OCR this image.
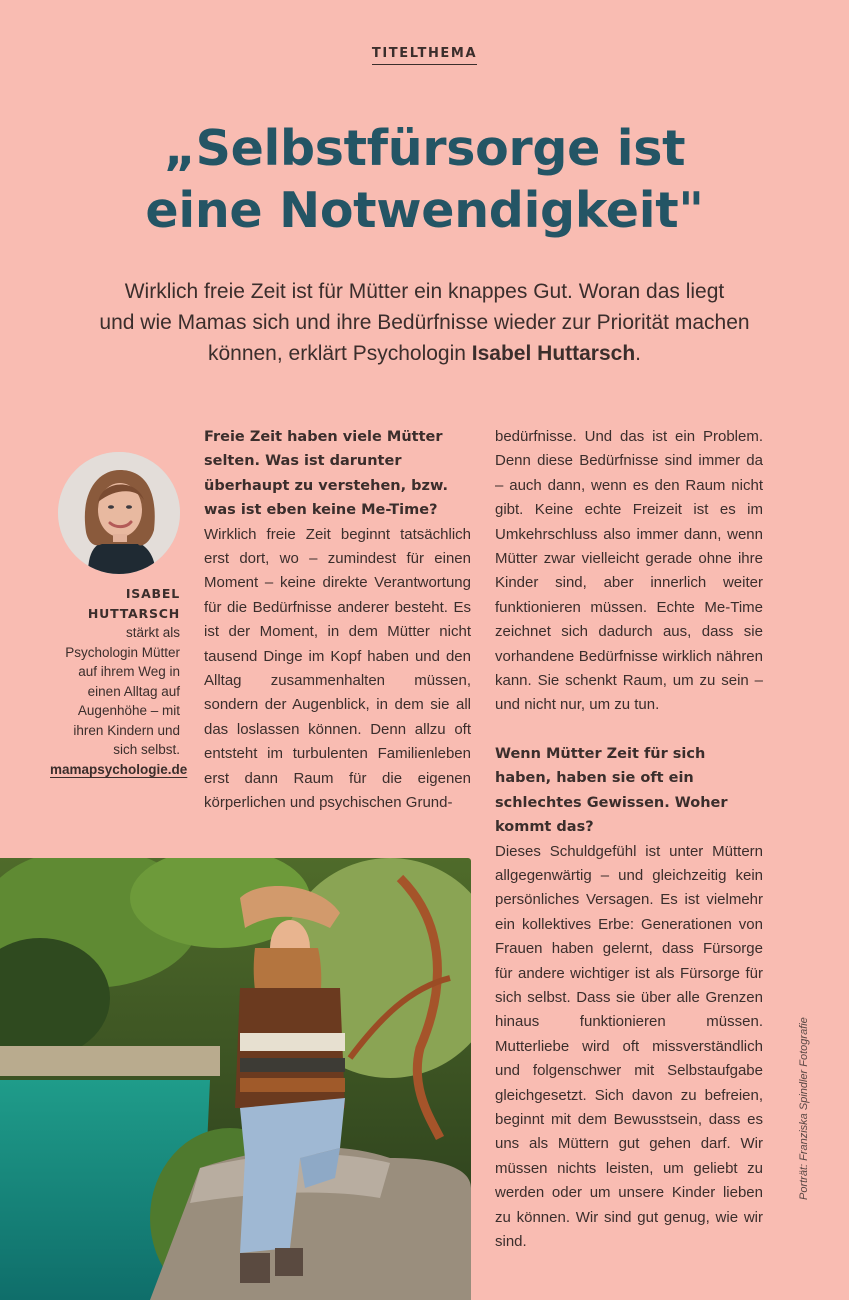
TITELTHEMA
„Selbstfürsorge ist
eine Notwendigkeit"
Wirklich freie Zeit ist für Mütter ein knappes Gut. Woran das liegt
und wie Mamas sich und ihre Bedürfnisse wieder zur Priorität machen
können, erklärt Psychologin Isabel Huttarsch.
ISABEL
HUTTARSCH
stärkt als Psychologin Mütter auf ihrem Weg in einen Alltag auf Augenhöhe – mit ihren Kindern und sich selbst. mamapsychologie.de

Freie Zeit haben viele Mütter selten. Was ist darunter überhaupt zu verstehen, bzw. was ist eben keine Me-Time?

Wirklich freie Zeit beginnt tatsächlich erst dort, wo – zumindest für einen Moment – keine direkte Verantwortung für die Bedürfnisse anderer besteht. Es ist der Moment, in dem Mütter nicht tausend Dinge im Kopf haben und den Alltag zusammenhalten müssen, sondern der Augenblick, in dem sie all das loslassen können. Denn allzu oft entsteht im turbulenten Familienleben erst dann Raum für die eigenen körperlichen und psychischen Grund-

bedürfnisse. Und das ist ein Problem. Denn diese Bedürfnisse sind immer da – auch dann, wenn es den Raum nicht gibt. Keine echte Freizeit ist es im Umkehrschluss also immer dann, wenn Mütter zwar vielleicht gerade ohne ihre Kinder sind, aber innerlich weiter funktionieren müssen. Echte Me-Time zeichnet sich dadurch aus, dass sie vorhandene Bedürfnisse wirklich nähren kann. Sie schenkt Raum, um zu sein – und nicht nur, um zu tun.

Wenn Mütter Zeit für sich haben, haben sie oft ein schlechtes Gewissen. Woher kommt das?

Dieses Schuldgefühl ist unter Müttern allgegenwärtig – und gleichzeitig kein persönliches Versagen. Es ist vielmehr ein kollektives Erbe: Generationen von Frauen haben gelernt, dass Fürsorge für andere wichtiger ist als Fürsorge für sich selbst. Dass sie über alle Grenzen hinaus funktionieren müssen. Mutterliebe wird oft missverständlich und folgenschwer mit Selbstaufgabe gleichgesetzt. Sich davon zu befreien, beginnt mit dem Bewusstsein, dass es uns als Müttern gut gehen darf. Wir müssen nichts leisten, um geliebt zu werden oder um unsere Kinder lieben zu können. Wir sind gut genug, wie wir sind.

Porträt: Franziska Spindler Fotografie
